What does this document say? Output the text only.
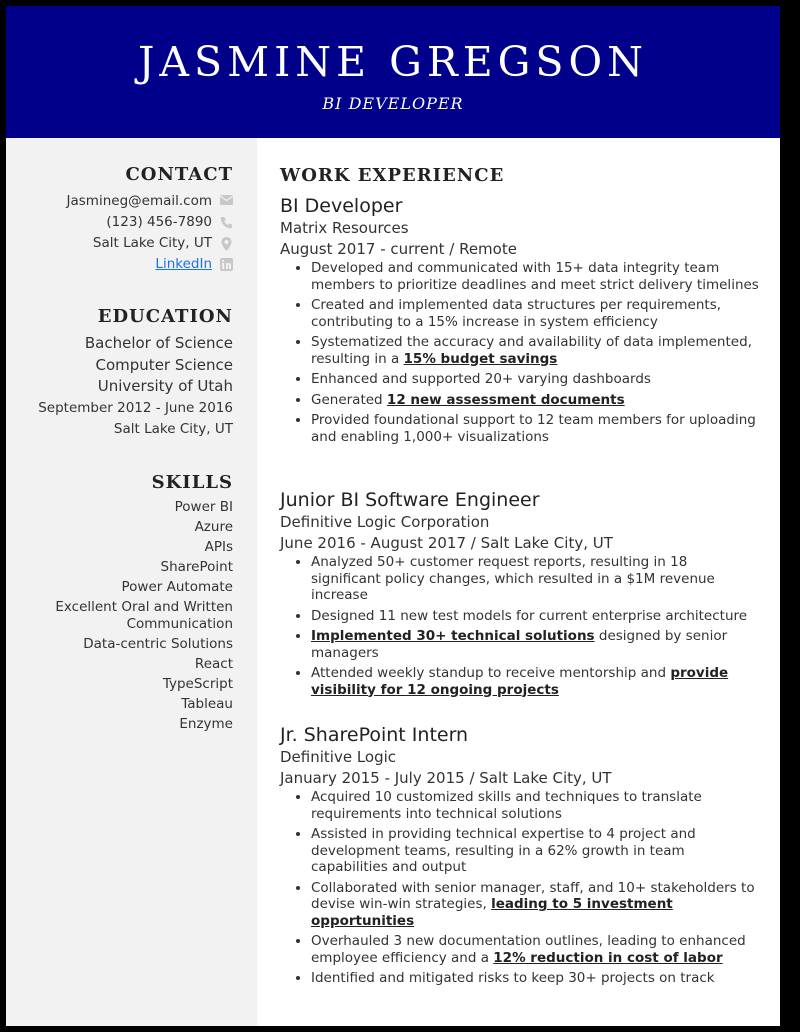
JASMINE GREGSON
BI DEVELOPER
CONTACT
Jasmineg@email.com
(123) 456-7890
Salt Lake City, UT
LinkedIn
EDUCATION
Bachelor of Science
Computer Science
University of Utah
September 2012 - June 2016
Salt Lake City, UT
SKILLS
Power BI
Azure
APIs
SharePoint
Power Automate
Excellent Oral and Written Communication
Data-centric Solutions
React
TypeScript
Tableau
Enzyme
WORK EXPERIENCE
BI Developer
Matrix Resources
August 2017 - current / Remote
• Developed and communicated with 15+ data integrity team members to prioritize deadlines and meet strict delivery timelines
• Created and implemented data structures per requirements, contributing to a 15% increase in system efficiency
• Systematized the accuracy and availability of data implemented, resulting in a 15% budget savings
• Enhanced and supported 20+ varying dashboards
• Generated 12 new assessment documents
• Provided foundational support to 12 team members for uploading and enabling 1,000+ visualizations
Junior BI Software Engineer
Definitive Logic Corporation
June 2016 - August 2017 / Salt Lake City, UT
• Analyzed 50+ customer request reports, resulting in 18 significant policy changes, which resulted in a $1M revenue increase
• Designed 11 new test models for current enterprise architecture
• Implemented 30+ technical solutions designed by senior managers
• Attended weekly standup to receive mentorship and provide visibility for 12 ongoing projects
Jr. SharePoint Intern
Definitive Logic
January 2015 - July 2015 / Salt Lake City, UT
• Acquired 10 customized skills and techniques to translate requirements into technical solutions
• Assisted in providing technical expertise to 4 project and development teams, resulting in a 62% growth in team capabilities and output
• Collaborated with senior manager, staff, and 10+ stakeholders to devise win-win strategies, leading to 5 investment opportunities
• Overhauled 3 new documentation outlines, leading to enhanced employee efficiency and a 12% reduction in cost of labor
• Identified and mitigated risks to keep 30+ projects on track
